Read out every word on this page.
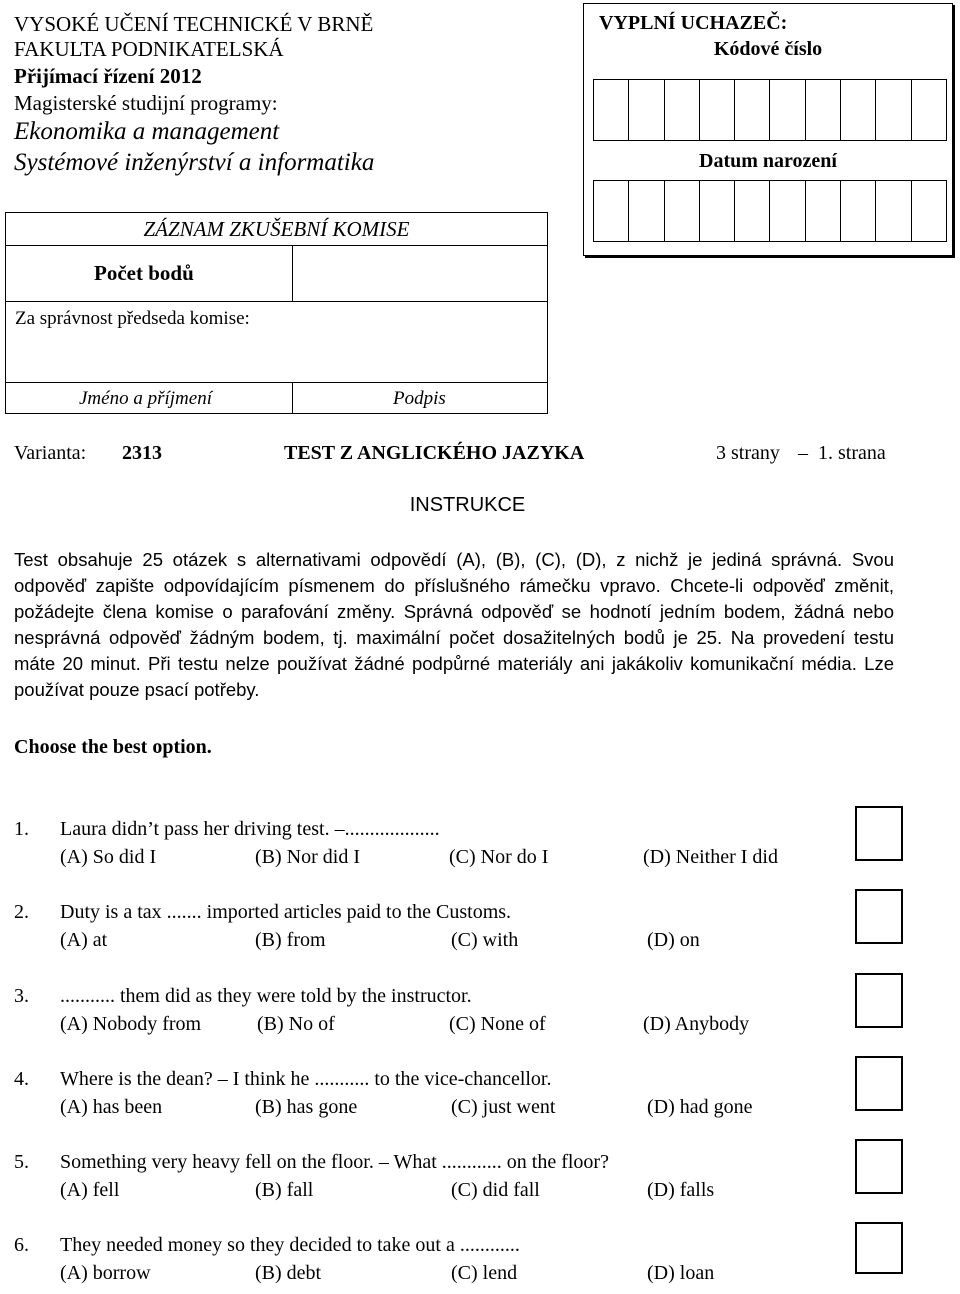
VYSOKÉ UČENÍ TECHNICKÉ V BRNĚ
FAKULTA PODNIKATELSKÁ
Přijímací řízení 2012
Magisterské studijní programy:
Ekonomika a management
Systémové inženýrství a informatika
VYPLNÍ UCHAZEČ:
Kódové číslo
Datum narození
ZÁZNAM ZKUŠEBNÍ KOMISE
Počet bodů
Za správnost předseda komise:
Jméno a příjmení	Podpis
Varianta: 2313	TEST Z ANGLICKÉHO JAZYKA	3 strany – 1. strana
INSTRUKCE
Test obsahuje 25 otázek s alternativami odpovědí (A), (B), (C), (D), z nichž je jediná správná. Svou odpověď zapište odpovídajícím písmenem do příslušného rámečku vpravo. Chcete-li odpověď změnit, požádejte člena komise o parafování změny. Správná odpověď se hodnotí jedním bodem, žádná nebo nesprávná odpověď žádným bodem, tj. maximální počet dosažitelných bodů je 25. Na provedení testu máte 20 minut. Při testu nelze používat žádné podpůrné materiály ani jakákoliv komunikační média. Lze používat pouze psací potřeby.
Choose the best option.
1. Laura didn’t pass her driving test. –...................
(A) So did I	(B) Nor did I	(C) Nor do I	(D) Neither I did
2. Duty is a tax ....... imported articles paid to the Customs.
(A) at	(B) from	(C) with	(D) on
3. ........... them did as they were told by the instructor.
(A) Nobody from	(B) No of	(C) None of	(D) Anybody
4. Where is the dean? – I think he ........... to the vice-chancellor.
(A) has been	(B) has gone	(C) just went	(D) had gone
5. Something very heavy fell on the floor. – What ............ on the floor?
(A) fell	(B) fall	(C) did fall	(D) falls
6. They needed money so they decided to take out a ............
(A) borrow	(B) debt	(C) lend	(D) loan
